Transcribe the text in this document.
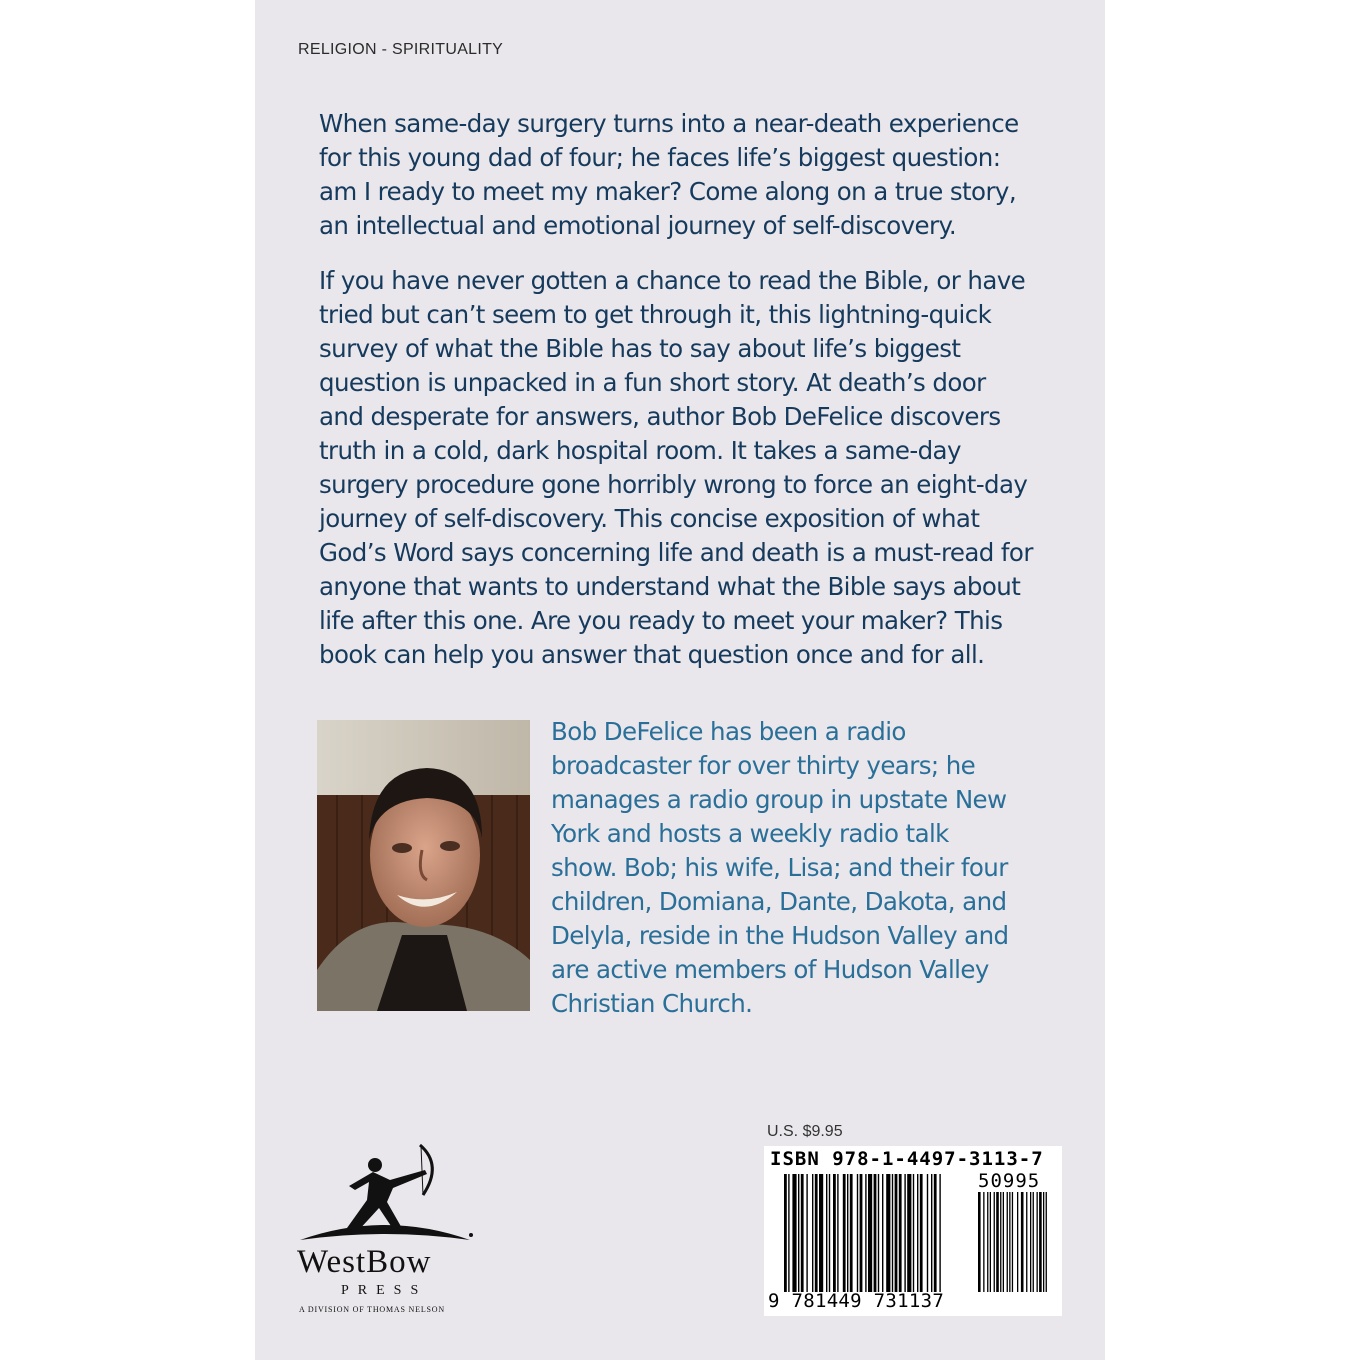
RELIGION - SPIRITUALITY

When same-day surgery turns into a near-death experience
for this young dad of four; he faces life’s biggest question:
am I ready to meet my maker? Come along on a true story,
an intellectual and emotional journey of self-discovery.

If you have never gotten a chance to read the Bible, or have
tried but can’t seem to get through it, this lightning-quick
survey of what the Bible has to say about life’s biggest
question is unpacked in a fun short story. At death’s door
and desperate for answers, author Bob DeFelice discovers
truth in a cold, dark hospital room. It takes a same-day
surgery procedure gone horribly wrong to force an eight-day
journey of self-discovery. This concise exposition of what
God’s Word says concerning life and death is a must-read for
anyone that wants to understand what the Bible says about
life after this one. Are you ready to meet your maker? This
book can help you answer that question once and for all.

Bob DeFelice has been a radio
broadcaster for over thirty years; he
manages a radio group in upstate New
York and hosts a weekly radio talk
show. Bob; his wife, Lisa; and their four
children, Domiana, Dante, Dakota, and
Delyla, reside in the Hudson Valley and
are active members of Hudson Valley
Christian Church.
WestBow
PRESS
A DIVISION OF THOMAS NELSON
U.S. $9.95
ISBN 978-1-4497-3113-7
50995
9 781449 731137
